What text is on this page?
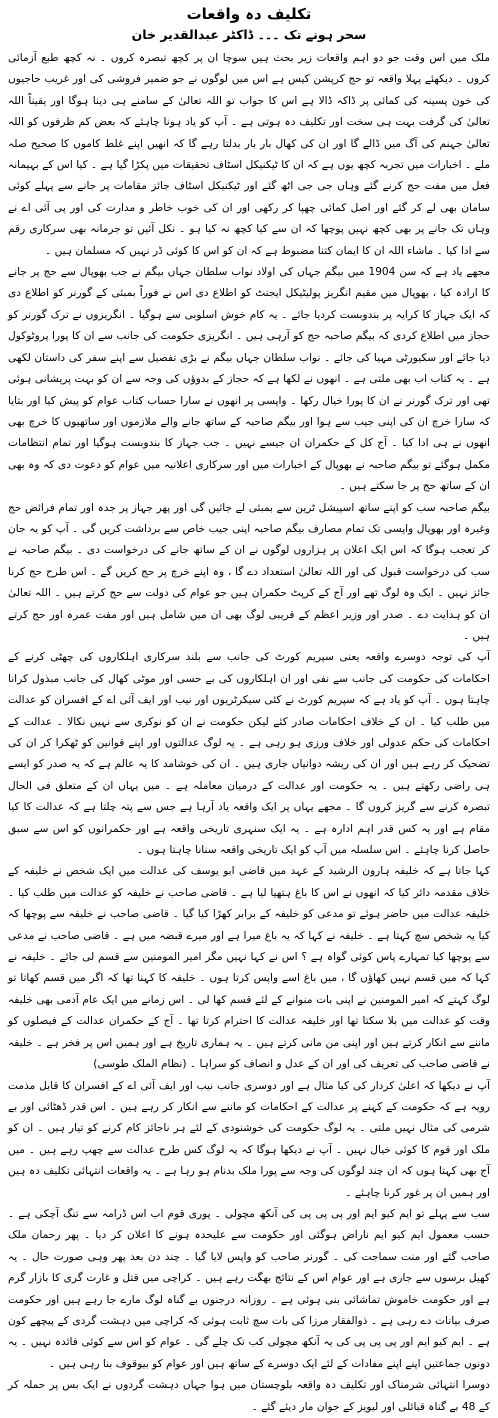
تکلیف دہ واقعات
سحر ہونے تک ۔۔۔ ڈاکٹر عبدالقدیر خان

ملک میں اس وقت جو دو اہم واقعات زیر بحث ہیں سوچا ان پر کچھ تبصرہ کروں ۔ نہ کچھ طبع آزمائی کروں ۔ دیکھئے پہلا واقعہ تو حج کرپشن کیس ہے اس میں لوگوں نے جو ضمیر فروشی کی اور غریب حاجیوں کی خون پسینہ کی کمائی پر ڈاکہ ڈالا ہے اس کا جواب تو اللہ تعالیٰ کے سامنے ہی دینا ہوگا اور یقیناً اللہ تعالیٰ کی گرفت بہت ہی سخت اور تکلیف دہ ہوتی ہے ۔ آپ کو یاد ہونا چاہئے کہ بعض کم ظرفوں کو اللہ تعالیٰ جہنم کی آگ میں ڈالے گا اور ان کی کھال بار بار بدلتا رہے گا کہ انھیں اپنے غلط کاموں کا صحیح صلہ ملے ۔ اخبارات میں تجربہ کچھ یوں ہے کہ ان کا ٹیکنیکل اسٹاف تحقیقات میں پکڑا گیا ہے ۔ کیا اس کے بہیمانہ فعل میں مفت حج کرنے گئے وہاں جی جی اٹھ گئے اور ٹیکنیکل اسٹاف جائز مقامات پر جانے سے پہلے کوئی سامان بھی لے کر گئے اور اصل کمائی چھپا کر رکھی اور ان کی خوب خاطر و مدارت کی اور پی آئی اے نے وہاں تک جانے پر بھی کچھ نہیں پوچھا کہ ان سے کیا کچھ نہ کیا ہو ۔ نکل آئیں تو جرمانہ بھی سرکاری رقم سے ادا کیا ۔ ماشاء اللہ ان کا ایمان کتنا مضبوط ہے کہ ان کو اس کا کوئی ڈر نہیں کہ مسلمان ہیں ۔

مجھے یاد ہے کہ سن 1904 میں بیگم جہاں کی اولاد نواب سلطان جہاں بیگم نے جب بھوپال سے حج پر جانے کا ارادہ کیا ، بھوپال میں مقیم انگریز پولیٹیکل ایجنٹ کو اطلاع دی اس نے فوراً بمبئی کے گورنر کو اطلاع دی کہ ایک جہاز کا کرایہ پر بندوبست کردیا جائے ۔ یہ کام خوش اسلوبی سے ہوگیا ۔ انگریزوں نے ترک گورنر کو حجاز میں اطلاع کردی کہ بیگم صاحبہ حج کو آرہی ہیں ۔ انگریزی حکومت کی جانب سے ان کا پورا پروٹوکول دیا جائے اور سکیورٹی مہیا کی جائے ۔ نواب سلطان جہاں بیگم نے بڑی تفصیل سے اپنے سفر کی داستان لکھی ہے ۔ یہ کتاب اب بھی ملتی ہے ۔ انھوں نے لکھا ہے کہ حجاز کے بدوؤں کی وجہ سے ان کو بہت پریشانی ہوئی تھی اور ترک گورنر نے ان کا پورا خیال رکھا ۔ واپسی پر انھوں نے سارا حساب کتاب عوام کو پیش کیا اور بتایا کہ سارا خرچ ان کی اپنی جیب سے ہوا اور بیگم صاحبہ کے ساتھ جانے والے ملازموں اور ساتھیوں کا خرچ بھی انھوں نے ہی ادا کیا ۔ آج کل کے حکمران ان جیسے نہیں ۔ جب جہاز کا بندوبست ہوگیا اور تمام انتظامات مکمل ہوگئے تو بیگم صاحبہ نے بھوپال کے اخبارات میں اور سرکاری اعلانیہ میں عوام کو دعوت دی کہ وہ بھی ان کے ساتھ حج پر جا سکتے ہیں ۔

بیگم صاحبہ سب کو اپنے ساتھ اسپیشل ٹرین سے بمبئی لے جائیں گی اور پھر جہاز پر جدہ اور تمام فرائض حج وغیرہ اور بھوپال واپسی تک تمام مصارف بیگم صاحبہ اپنی جیب خاص سے برداشت کریں گی ۔ آپ کو یہ جان کر تعجب ہوگا کہ اس ایک اعلان پر ہزاروں لوگوں نے ان کے ساتھ جانے کی درخواست دی ۔ بیگم صاحبہ نے سب کی درخواست قبول کی اور اللہ تعالیٰ استعداد دے گا ، وہ اپنے خرچ پر حج کریں گے ۔ اس طرح حج کرنا جائز نہیں ۔ ایک وہ لوگ تھے اور آج کے کرپٹ حکمران ہیں جو عوام کی دولت سے حج کرتے ہیں ۔ اللہ تعالیٰ ان کو ہدایت دے ۔ صدر اور وزیر اعظم کے قریبی لوگ بھی ان میں شامل ہیں اور مفت عمرہ اور حج کرتے ہیں ۔

آپ کی توجہ دوسرے واقعہ یعنی سپریم کورٹ کی جانب سے بلند سرکاری اہلکاروں کی چھٹی کرنے کے احکامات کی حکومت کی جانب سے نفی اور ان اہلکاروں کی بے حسی اور موٹی کھال کی جانب مبذول کرانا چاہتا ہوں ۔ آپ کو یاد ہے کہ سپریم کورٹ نے کئی سیکرٹریوں اور نیب اور ایف آئی اے کے افسران کو عدالت میں طلب کیا ۔ ان کے خلاف احکامات صادر کئے لیکن حکومت نے ان کو نوکری سے نہیں نکالا ۔ عدالت کے احکامات کی حکم عدولی اور خلاف ورزی ہو رہی ہے ۔ یہ لوگ عدالتوں اور اپنے قوانین کو ٹھکرا کر ان کی تضحیک کر رہے ہیں اور ان کی ریشہ دوانیاں جاری ہیں ۔ ان کی خوشامد کا یہ عالم ہے کہ یہ صدر کو ایسے ہی راضی رکھتے ہیں ۔ یہ حکومت اور عدالت کے درمیان معاملہ ہے ۔ میں یہاں ان کے متعلق فی الحال تبصرہ کرنے سے گریز کروں گا ۔ مجھے یہاں پر ایک واقعہ یاد آرہا ہے جس سے پتہ چلتا ہے کہ عدالت کا کیا مقام ہے اور یہ کس قدر اہم ادارہ ہے ۔ یہ ایک سنہری تاریخی واقعہ ہے اور حکمرانوں کو اس سے سبق حاصل کرنا چاہئے ۔ اس سلسلہ میں آپ کو ایک تاریخی واقعہ سنانا چاہتا ہوں ۔

کہا جاتا ہے کہ خلیفہ ہارون الرشید کے عہد میں قاضی ابو یوسف کی عدالت میں ایک شخص نے خلیفہ کے خلاف مقدمہ دائر کیا کہ انھوں نے اس کا باغ ہتھیا لیا ہے ۔ قاضی صاحب نے خلیفہ کو عدالت میں طلب کیا ۔ خلیفہ عدالت میں حاضر ہوئے تو مدعی کو خلیفہ کے برابر کھڑا کیا گیا ۔ قاضی صاحب نے خلیفہ سے پوچھا کہ کیا یہ شخص سچ کہتا ہے ۔ خلیفہ نے کہا کہ یہ باغ میرا ہے اور میرے قبضہ میں ہے ۔ قاضی صاحب نے مدعی سے پوچھا کیا تمہارے پاس کوئی گواہ ہے ؟ اس نے کہا نہیں مگر امیر المومنین سے قسم لی جائے ۔ خلیفہ نے کہا کہ میں قسم نہیں کھاؤں گا ، میں باغ اسے واپس کرتا ہوں ۔ خلیفہ کا کہنا تھا کہ اگر میں قسم کھاتا تو لوگ کہتے کہ امیر المومنین نے اپنی بات منوانے کے لئے قسم کھا لی ۔ اس زمانے میں ایک عام آدمی بھی خلیفہ وقت کو عدالت میں بلا سکتا تھا اور خلیفہ عدالت کا احترام کرتا تھا ۔ آج کے حکمران عدالت کے فیصلوں کو ماننے سے انکار کرتے ہیں اور اپنی من مانی کرتے ہیں ۔ یہ ہماری تاریخ ہے اور ہمیں اس پر فخر ہے ۔ خلیفہ نے قاضی صاحب کی تعریف کی اور ان کے عدل و انصاف کو سراہا ۔ (نظام الملک طوسی)

آپ نے دیکھا کہ اعلیٰ کردار کی کیا مثال ہے اور دوسری جانب نیب اور ایف آئی اے کے افسران کا قابل مذمت رویہ ہے کہ حکومت کے کہنے پر عدالت کے احکامات کو ماننے سے انکار کر رہے ہیں ۔ اس قدر ڈھٹائی اور بے شرمی کی مثال نہیں ملتی ۔ یہ لوگ حکومت کی خوشنودی کے لئے ہر ناجائز کام کرنے کو تیار ہیں ۔ ان کو ملک اور قوم کا کوئی خیال نہیں ۔ آپ نے دیکھا ہوگا کہ یہ لوگ کس طرح عدالت سے چھپ رہے ہیں ۔ میں آج بھی کہتا ہوں کہ ان چند لوگوں کی وجہ سے پورا ملک بدنام ہو رہا ہے ۔ یہ واقعات انتہائی تکلیف دہ ہیں اور ہمیں ان پر غور کرنا چاہئے ۔

سب سے پہلے تو ایم کیو ایم اور پی پی پی کی آنکھ مچولی ۔ پوری قوم اب اس ڈرامہ سے تنگ آچکی ہے ۔ حسب معمول ایم کیو ایم ناراض ہوگئی اور حکومت سے علیحدہ ہونے کا اعلان کر دیا ۔ پھر رحمان ملک صاحب گئے اور منت سماجت کی ۔ گورنر صاحب کو واپس لایا گیا ۔ چند دن بعد پھر وہی صورت حال ۔ یہ کھیل برسوں سے جاری ہے اور عوام اس کے نتائج بھگت رہے ہیں ۔ کراچی میں قتل و غارت گری کا بازار گرم ہے اور حکومت خاموش تماشائی بنی ہوئی ہے ۔ روزانہ درجنوں بے گناہ لوگ مارے جا رہے ہیں اور حکومت صرف بیانات دے رہی ہے ۔ ذوالفقار مرزا کی بات سچ ثابت ہوئی کہ کراچی میں دہشت گردی کے پیچھے کون ہے ۔ ایم کیو ایم اور پی پی پی کی یہ آنکھ مچولی کب تک چلے گی ۔ عوام کو اس سے کوئی فائدہ نہیں ۔ یہ دونوں جماعتیں اپنے اپنے مفادات کے لئے ایک دوسرے کے ساتھ ہیں اور عوام کو بیوقوف بنا رہی ہیں ۔

دوسرا انتہائی شرمناک اور تکلیف دہ واقعہ بلوچستان میں ہوا جہاں دہشت گردوں نے ایک بس پر حملہ کر کے 48 بے گناہ قبائلی اور لیویز کے جوان مار دیئے گئے ۔
